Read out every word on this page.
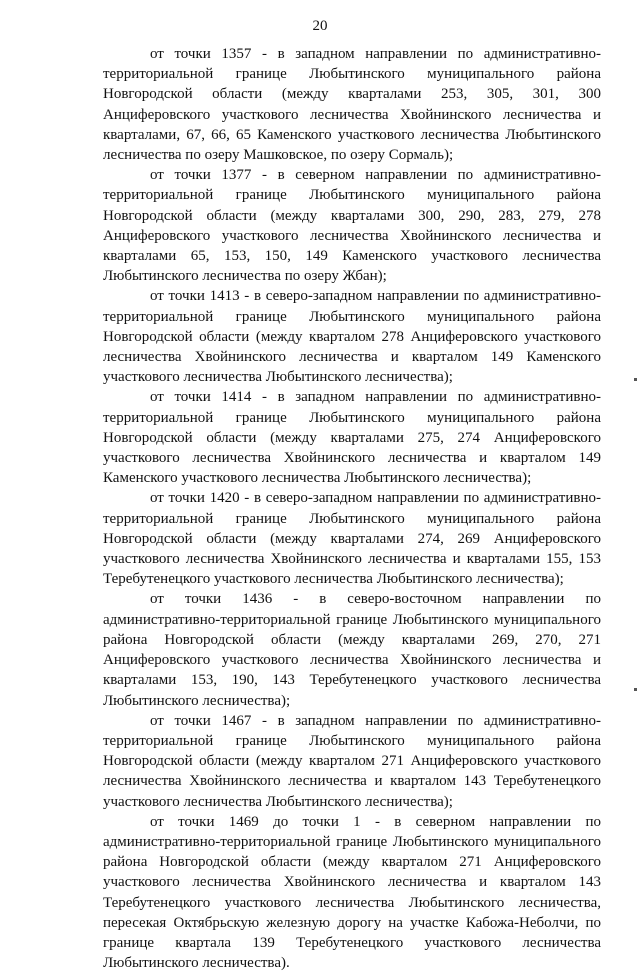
20

от точки 1357 - в западном направлении по административно-территориальной границе Любытинского муниципального района Новгородской области (между кварталами 253, 305, 301, 300 Анциферовского участкового лесничества Хвойнинского лесничества и кварталами, 67, 66, 65 Каменского участкового лесничества Любытинского лесничества по озеру Машковское, по озеру Сормаль);

от точки 1377 - в северном направлении по административно-территориальной границе Любытинского муниципального района Новгородской области (между кварталами 300, 290, 283, 279, 278 Анциферовского участкового лесничества Хвойнинского лесничества и кварталами 65, 153, 150, 149 Каменского участкового лесничества Любытинского лесничества по озеру Жбан);

от точки 1413 - в северо-западном направлении по административно-территориальной границе Любытинского муниципального района Новгородской области (между кварталом 278 Анциферовского участкового лесничества Хвойнинского лесничества и кварталом 149 Каменского участкового лесничества Любытинского лесничества);

от точки 1414 - в западном направлении по административно-территориальной границе Любытинского муниципального района Новгородской области (между кварталами 275, 274 Анциферовского участкового лесничества Хвойнинского лесничества и кварталом 149 Каменского участкового лесничества Любытинского лесничества);

от точки 1420 - в северо-западном направлении по административно-территориальной границе Любытинского муниципального района Новгородской области (между кварталами 274, 269 Анциферовского участкового лесничества Хвойнинского лесничества и кварталами 155, 153 Теребутенецкого участкового лесничества Любытинского лесничества);

от точки 1436 - в северо-восточном направлении по административно-территориальной границе Любытинского муниципального района Новгородской области (между кварталами 269, 270, 271 Анциферовского участкового лесничества Хвойнинского лесничества и кварталами 153, 190, 143 Теребутенецкого участкового лесничества Любытинского лесничества);

от точки 1467 - в западном направлении по административно-территориальной границе Любытинского муниципального района Новгородской области (между кварталом 271 Анциферовского участкового лесничества Хвойнинского лесничества и кварталом 143 Теребутенецкого участкового лесничества Любытинского лесничества);

от точки 1469 до точки 1 - в северном направлении по административно-территориальной границе Любытинского муниципального района Новгородской области (между кварталом 271 Анциферовского участкового лесничества Хвойнинского лесничества и кварталом 143 Теребутенецкого участкового лесничества Любытинского лесничества, пересекая Октябрьскую железную дорогу на участке Кабожа-Неболчи, по границе квартала 139 Теребутенецкого участкового лесничества Любытинского лесничества).
